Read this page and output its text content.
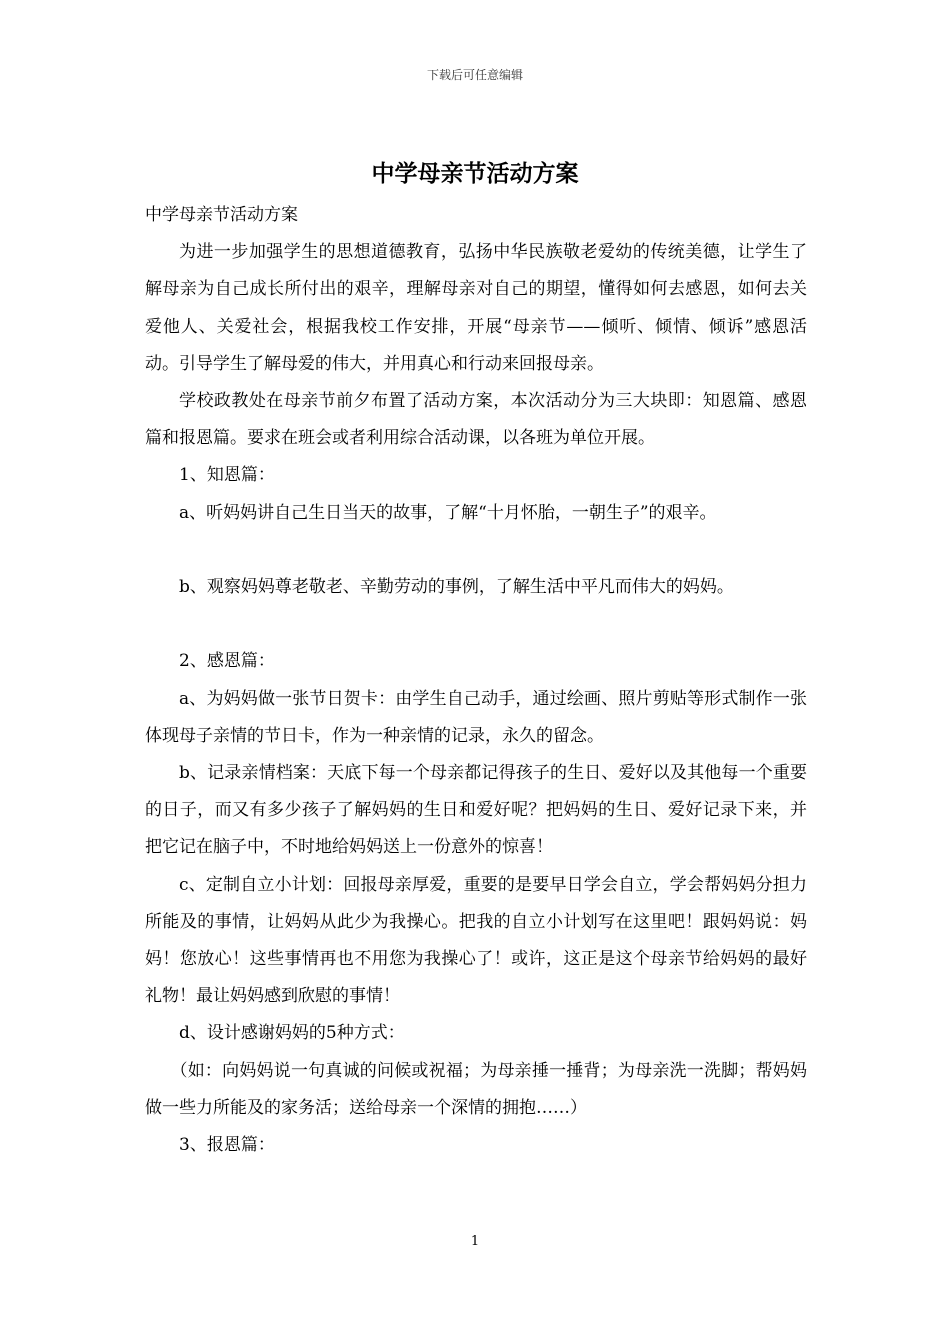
下载后可任意编辑
中学母亲节活动方案

中学母亲节活动方案

为进一步加强学生的思想道德教育，弘扬中华民族敬老爱幼的传统美德，让学生了解母亲为自己成长所付出的艰辛，理解母亲对自己的期望，懂得如何去感恩，如何去关爱他人、关爱社会，根据我校工作安排，开展“母亲节——倾听、倾情、倾诉”感恩活动。引导学生了解母爱的伟大，并用真心和行动来回报母亲。

学校政教处在母亲节前夕布置了活动方案，本次活动分为三大块即：知恩篇、感恩篇和报恩篇。要求在班会或者利用综合活动课，以各班为单位开展。

1、知恩篇：

a、听妈妈讲自己生日当天的故事，了解“十月怀胎，一朝生子”的艰辛。

b、观察妈妈尊老敬老、辛勤劳动的事例，了解生活中平凡而伟大的妈妈。

2、感恩篇：

a、为妈妈做一张节日贺卡：由学生自己动手，通过绘画、照片剪贴等形式制作一张体现母子亲情的节日卡，作为一种亲情的记录，永久的留念。

b、记录亲情档案：天底下每一个母亲都记得孩子的生日、爱好以及其他每一个重要的日子，而又有多少孩子了解妈妈的生日和爱好呢？把妈妈的生日、爱好记录下来，并把它记在脑子中，不时地给妈妈送上一份意外的惊喜！

c、定制自立小计划：回报母亲厚爱，重要的是要早日学会自立，学会帮妈妈分担力所能及的事情，让妈妈从此少为我操心。把我的自立小计划写在这里吧！跟妈妈说：妈妈！您放心！这些事情再也不用您为我操心了！或许，这正是这个母亲节给妈妈的最好礼物！最让妈妈感到欣慰的事情！

d、设计感谢妈妈的5种方式：

（如：向妈妈说一句真诚的问候或祝福；为母亲捶一捶背；为母亲洗一洗脚；帮妈妈做一些力所能及的家务活；送给母亲一个深情的拥抱……）

3、报恩篇：

1
